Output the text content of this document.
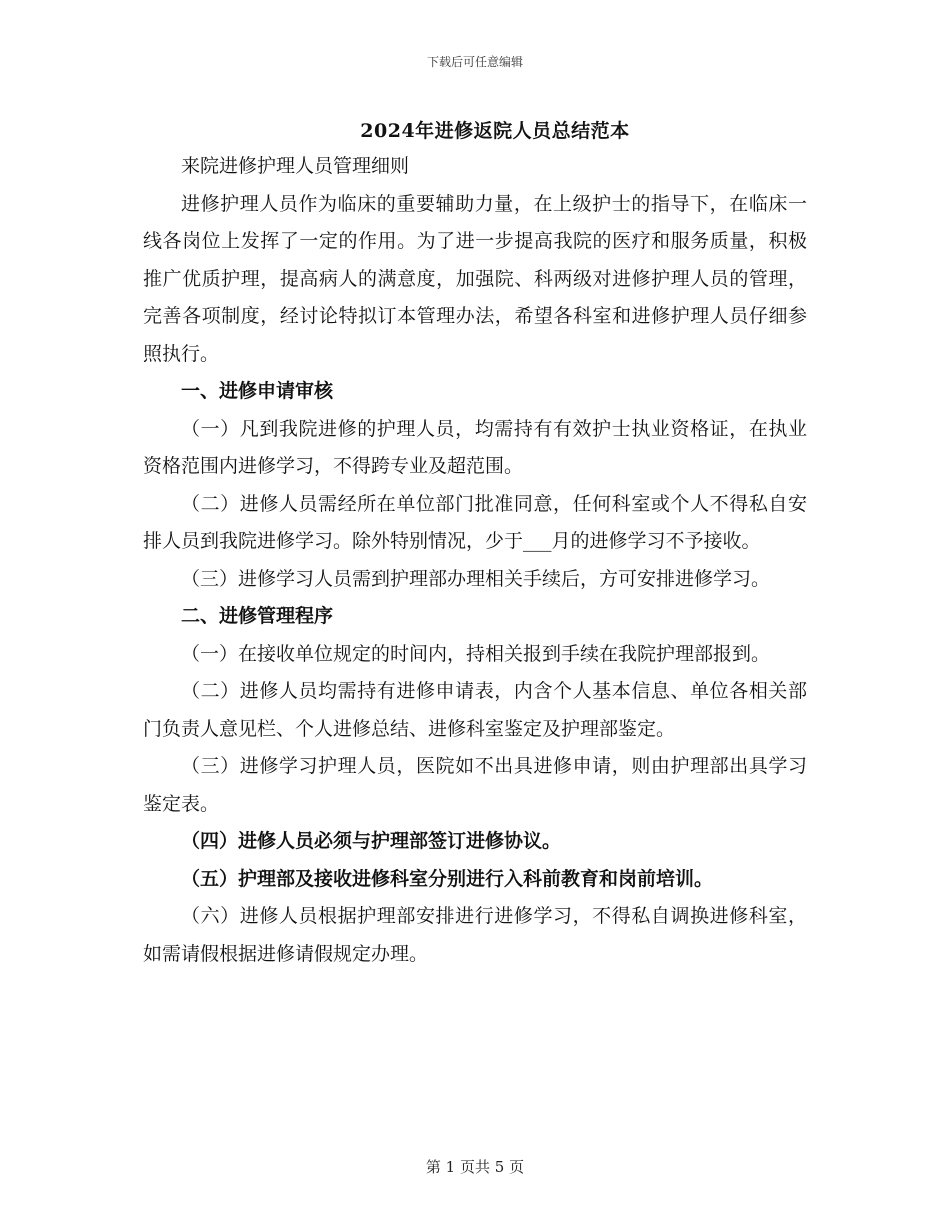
下载后可任意编辑
2024年进修返院人员总结范本

来院进修护理人员管理细则

进修护理人员作为临床的重要辅助力量，在上级护士的指导下，在临床一线各岗位上发挥了一定的作用。为了进一步提高我院的医疗和服务质量，积极推广优质护理，提高病人的满意度，加强院、科两级对进修护理人员的管理，完善各项制度，经讨论特拟订本管理办法，希望各科室和进修护理人员仔细参照执行。

一、进修申请审核

（一）凡到我院进修的护理人员，均需持有有效护士执业资格证，在执业资格范围内进修学习，不得跨专业及超范围。

（二）进修人员需经所在单位部门批准同意，任何科室或个人不得私自安排人员到我院进修学习。除外特别情况，少于___月的进修学习不予接收。

（三）进修学习人员需到护理部办理相关手续后，方可安排进修学习。

二、进修管理程序

（一）在接收单位规定的时间内，持相关报到手续在我院护理部报到。

（二）进修人员均需持有进修申请表，内含个人基本信息、单位各相关部门负责人意见栏、个人进修总结、进修科室鉴定及护理部鉴定。

（三）进修学习护理人员，医院如不出具进修申请，则由护理部出具学习鉴定表。

（四）进修人员必须与护理部签订进修协议。

（五）护理部及接收进修科室分别进行入科前教育和岗前培训。

（六）进修人员根据护理部安排进行进修学习，不得私自调换进修科室，如需请假根据进修请假规定办理。

第 1 页共 5 页
